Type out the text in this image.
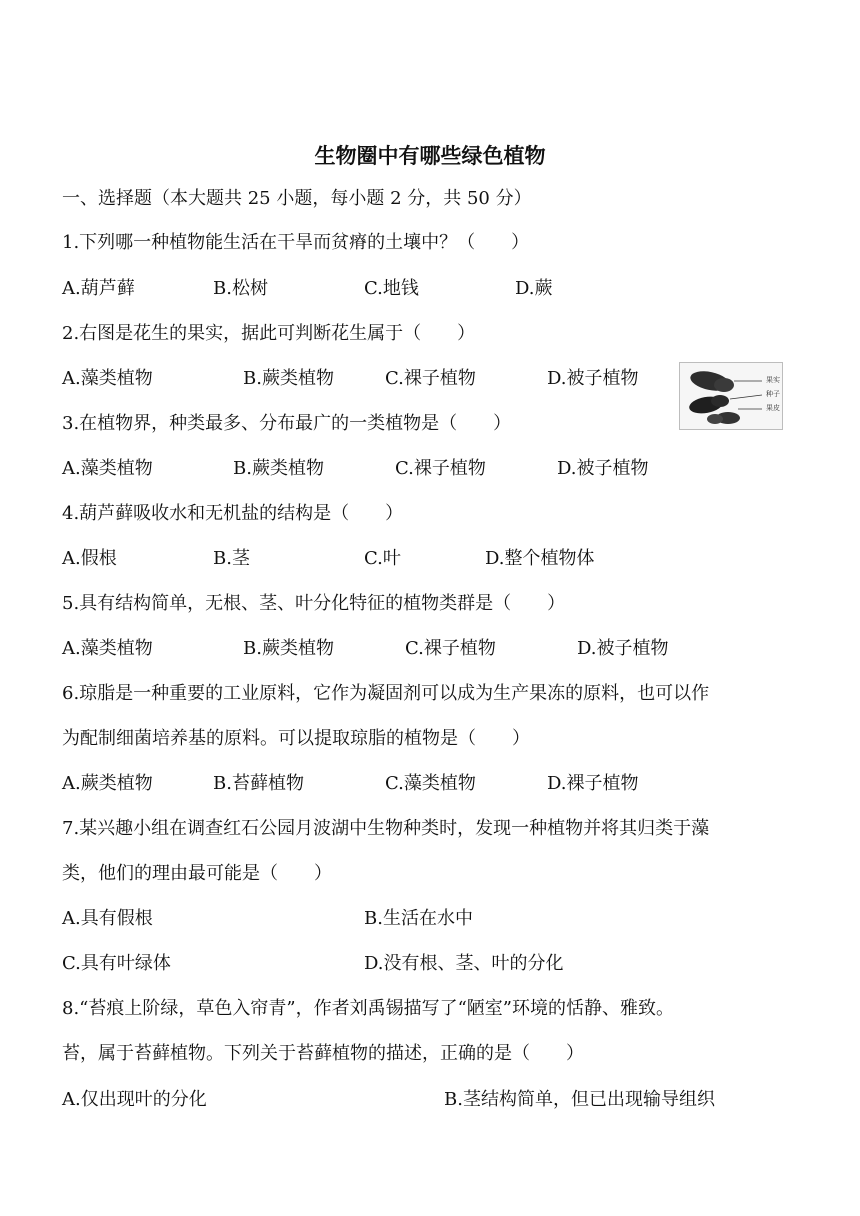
生物圈中有哪些绿色植物
一、选择题（本大题共 25 小题，每小题 2 分，共 50 分）
1.下列哪一种植物能生活在干旱而贫瘠的土壤中？（　　）
A.葫芦藓	B.松树	C.地钱	D.蕨
2.右图是花生的果实，据此可判断花生属于（　　）
A.藻类植物	B.蕨类植物	C.裸子植物	D.被子植物	果实
种子
果皮
3.在植物界，种类最多、分布最广的一类植物是（　　）
A.藻类植物	B.蕨类植物	C.裸子植物	D.被子植物
4.葫芦藓吸收水和无机盐的结构是（　　）
A.假根	B.茎	C.叶	D.整个植物体
5.具有结构简单，无根、茎、叶分化特征的植物类群是（　　）
A.藻类植物	B.蕨类植物	C.裸子植物	D.被子植物
6.琼脂是一种重要的工业原料，它作为凝固剂可以成为生产果冻的原料，也可以作
为配制细菌培养基的原料。可以提取琼脂的植物是（　　）
A.蕨类植物	B.苔藓植物	C.藻类植物	D.裸子植物
7.某兴趣小组在调查红石公园月波湖中生物种类时，发现一种植物并将其归类于藻
类，他们的理由最可能是（　　）
A.具有假根	B.生活在水中
C.具有叶绿体	D.没有根、茎、叶的分化
8.“苔痕上阶绿，草色入帘青”，作者刘禹锡描写了“陋室”环境的恬静、雅致。
苔，属于苔藓植物。下列关于苔藓植物的描述，正确的是（　　）
A.仅出现叶的分化	B.茎结构简单，但已出现输导组织
